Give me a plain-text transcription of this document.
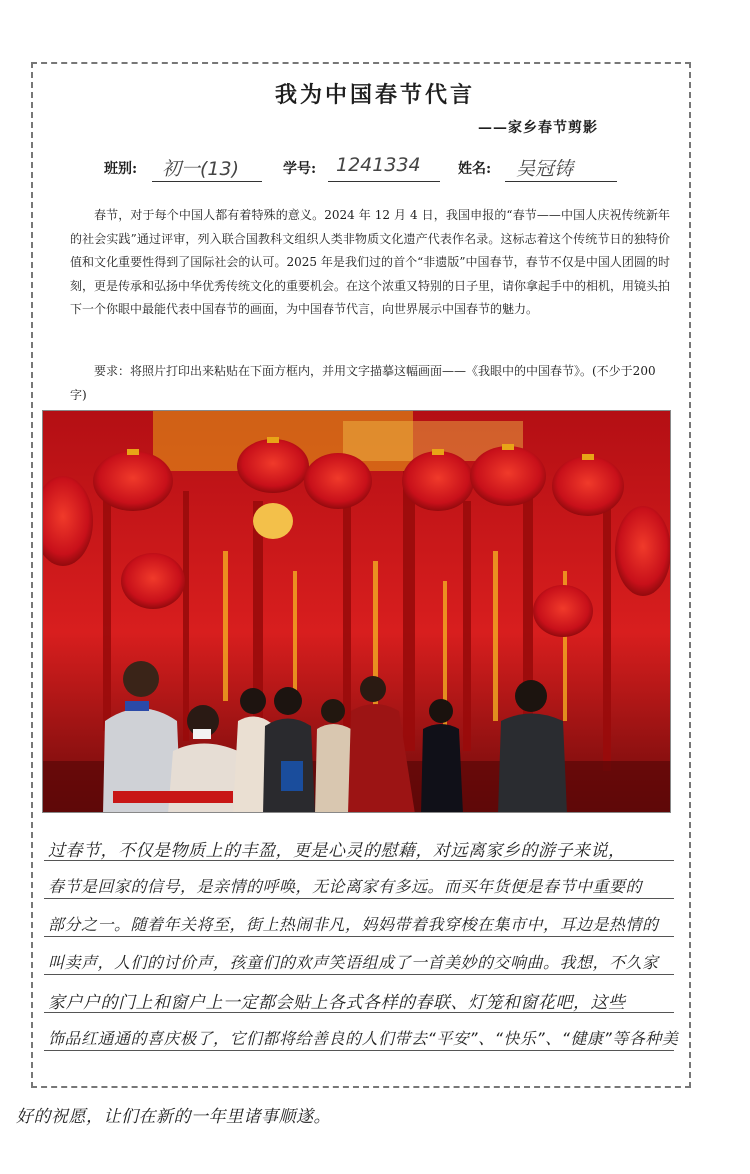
我为中国春节代言
——家乡春节剪影
班别: 初一(13)	学号: 1241334	姓名: 吴冠铸

春节，对于每个中国人都有着特殊的意义。2024 年 12 月 4 日，我国申报的“春节——中国人庆祝传统新年的社会实践”通过评审，列入联合国教科文组织人类非物质文化遗产代表作名录。这标志着这个传统节日的独特价值和文化重要性得到了国际社会的认可。2025 年是我们过的首个“非遗版”中国春节，春节不仅是中国人团圆的时刻，更是传承和弘扬中华优秀传统文化的重要机会。在这个浓重又特别的日子里，请你拿起手中的相机，用镜头拍下一个你眼中最能代表中国春节的画面，为中国春节代言，向世界展示中国春节的魅力。

要求：将照片打印出来粘贴在下面方框内，并用文字描摹这幅画面——《我眼中的中国春节》。(不少于200字)

过春节，不仅是物质上的丰盈，更是心灵的慰藉，对远离家乡的游子来说，
春节是回家的信号，是亲情的呼唤，无论离家有多远。而买年货便是春节中重要的
部分之一。随着年关将至，街上热闹非凡，妈妈带着我穿梭在集市中，耳边是热情的
叫卖声，人们的讨价声，孩童们的欢声笑语组成了一首美妙的交响曲。我想，不久家
家户户的门上和窗户上一定都会贴上各式各样的春联、灯笼和窗花吧，这些
饰品红通通的喜庆极了，它们都将给善良的人们带去“平安”、“快乐”、“健康”等各种美
好的祝愿，让们在新的一年里诸事顺遂。
